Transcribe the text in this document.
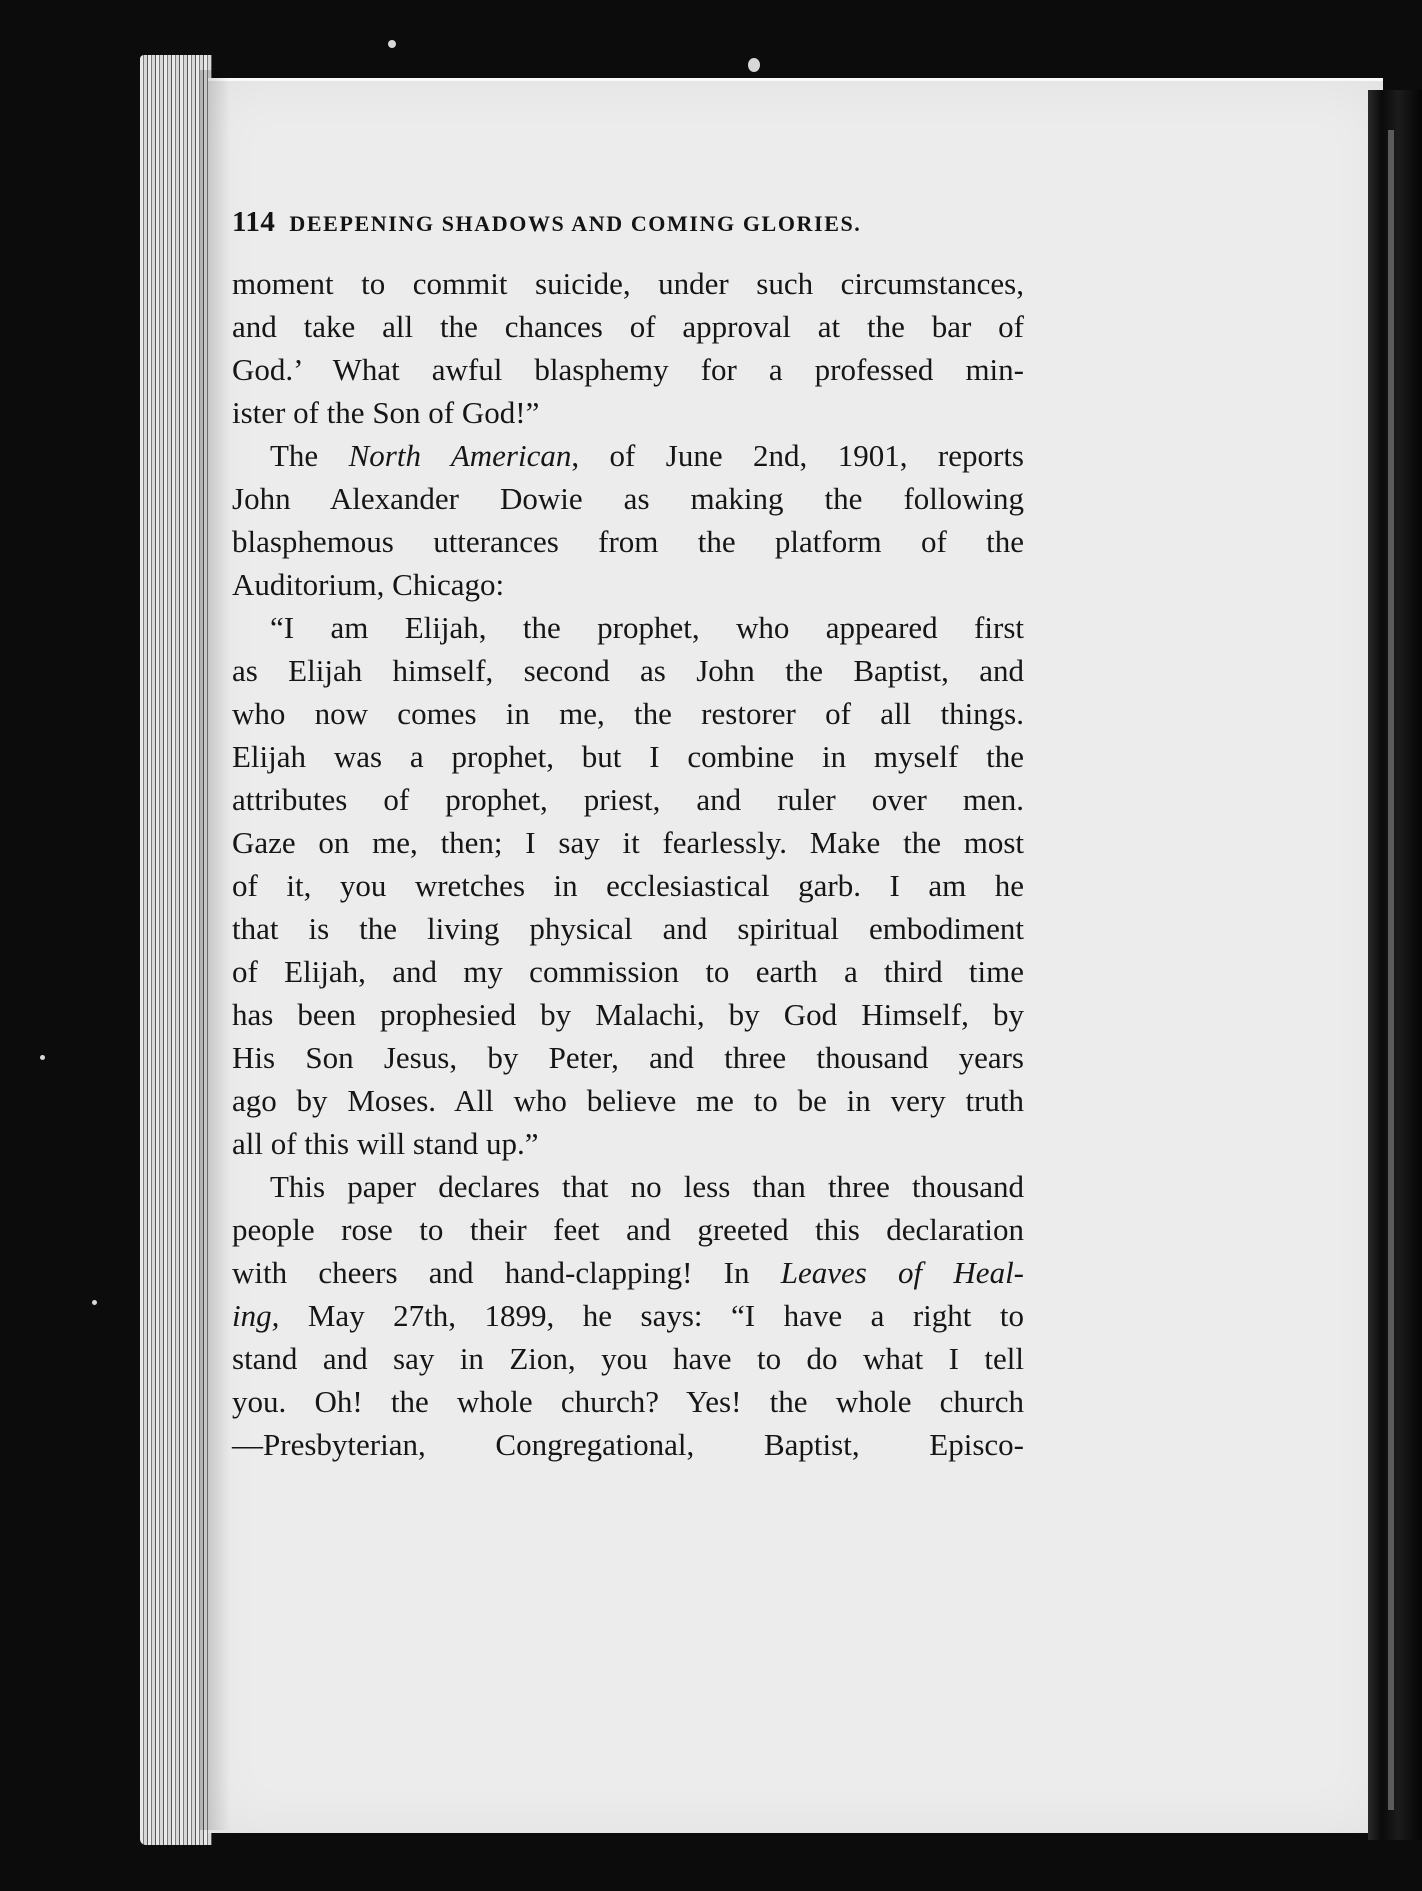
114 DEEPENING SHADOWS AND COMING GLORIES.
moment to commit suicide, under such circumstances,
and take all the chances of approval at the bar of
God.’ What awful blasphemy for a professed min-
ister of the Son of God!”
The North American, of June 2nd, 1901, reports
John Alexander Dowie as making the following
blasphemous utterances from the platform of the
Auditorium, Chicago:
“I am Elijah, the prophet, who appeared first
as Elijah himself, second as John the Baptist, and
who now comes in me, the restorer of all things.
Elijah was a prophet, but I combine in myself the
attributes of prophet, priest, and ruler over men.
Gaze on me, then; I say it fearlessly. Make the most
of it, you wretches in ecclesiastical garb. I am he
that is the living physical and spiritual embodiment
of Elijah, and my commission to earth a third time
has been prophesied by Malachi, by God Himself, by
His Son Jesus, by Peter, and three thousand years
ago by Moses. All who believe me to be in very truth
all of this will stand up.”
This paper declares that no less than three thousand
people rose to their feet and greeted this declaration
with cheers and hand-clapping! In Leaves of Heal-
ing, May 27th, 1899, he says: “I have a right to
stand and say in Zion, you have to do what I tell
you. Oh! the whole church? Yes! the whole church
—Presbyterian, Congregational, Baptist, Episco-
